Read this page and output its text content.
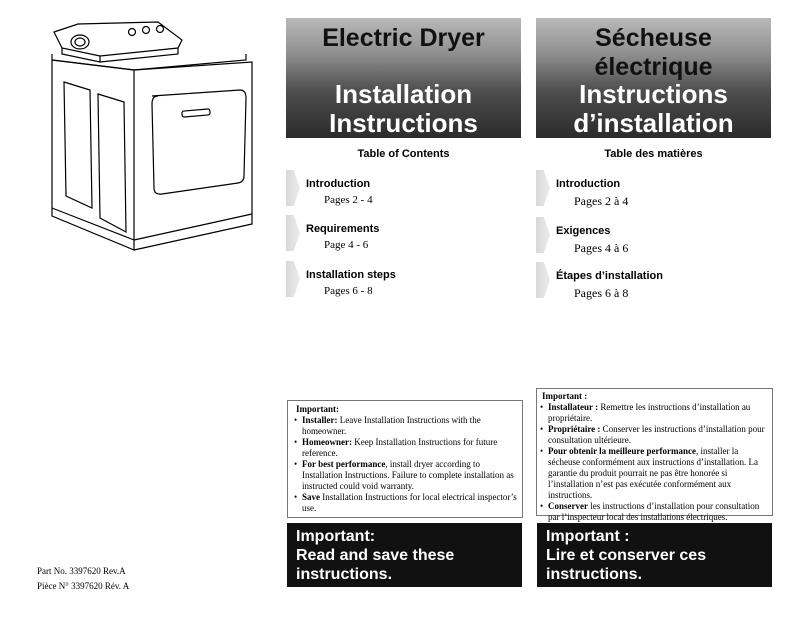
Part No. 3397620 Rev.A
Pièce N° 3397620 Rév. A
Electric Dryer
Installation
Instructions
Sécheuse électrique
Instructions
d’installation
Table of Contents
Introduction
Pages 2 - 4
Requirements
Page 4 - 6
Installation steps
Pages 6 - 8
Table des matières
Introduction
Pages 2 à 4
Exigences
Pages 4 à 6
Étapes d’installation
Pages 6 à 8
Important:
• Installer: Leave Installation Instructions with the homeowner.
• Homeowner: Keep Installation Instructions for future reference.
• For best performance, install dryer according to Installation Instructions. Failure to complete installation as instructed could void warranty.
• Save Installation Instructions for local electrical inspector’s use.
Important :
• Installateur : Remettre les instructions d’installation au propriétaire.
• Propriétaire : Conserver les instructions d’installation pour consultation ultérieure.
• Pour obtenir la meilleure performance, installer la sécheuse conformément aux instructions d’installation. La garantie du produit pourrait ne pas être honorée si l’installation n’est pas exécutée conformément aux instructions.
• Conserver les instructions d’installation pour consultation par l’inspecteur local des installations électriques.
Important:
Read and save these
instructions.
Important :
Lire et conserver ces
instructions.
